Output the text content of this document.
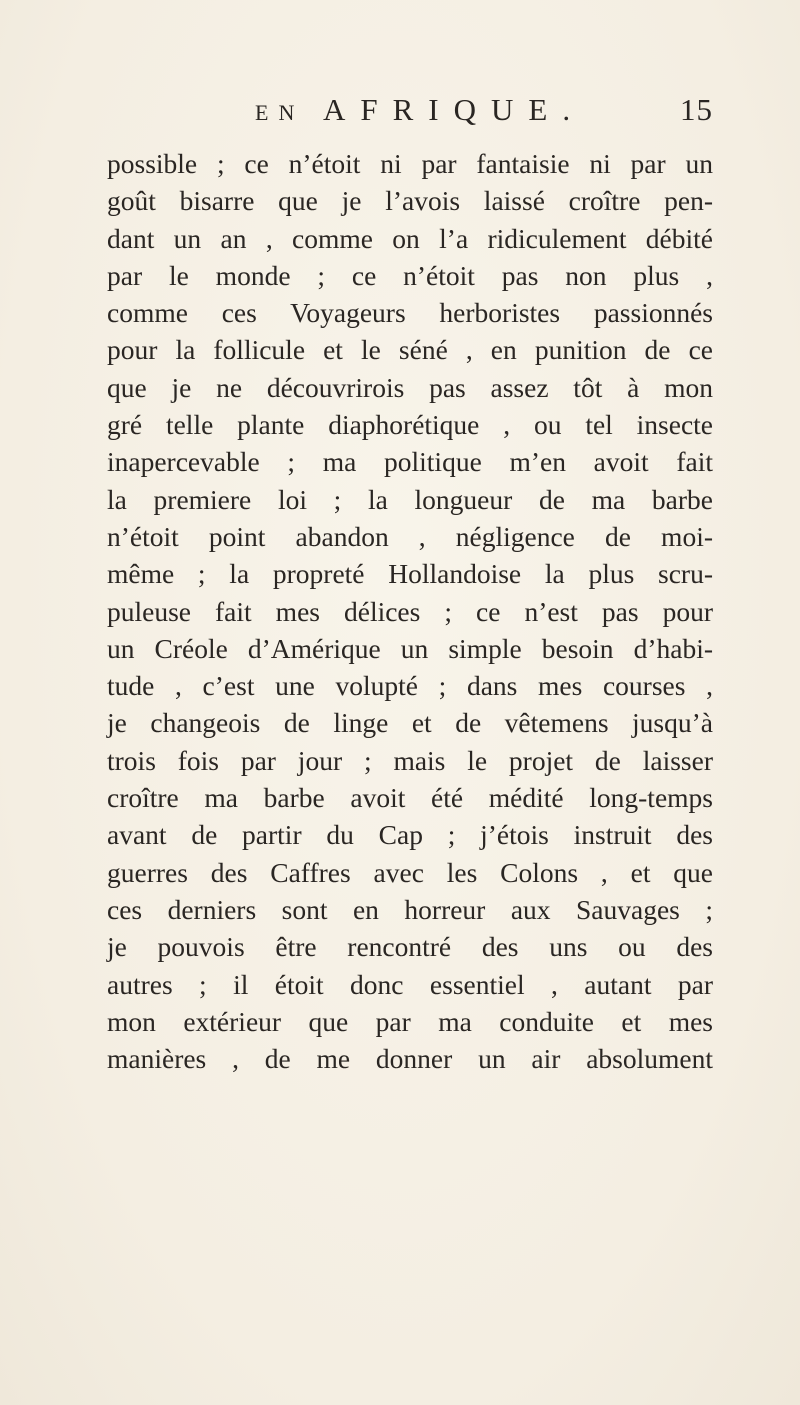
EN AFRIQUE.	15
possible ; ce n’étoit ni par fantaisie ni par un
goût bisarre que je l’avois laissé croître pen-
dant un an , comme on l’a ridiculement débité
par le monde ; ce n’étoit pas non plus ,
comme ces Voyageurs herboristes passionnés
pour la follicule et le séné , en punition de ce
que je ne découvrirois pas assez tôt à mon
gré telle plante diaphorétique , ou tel insecte
inapercevable ; ma politique m’en avoit fait
la premiere loi ; la longueur de ma barbe
n’étoit point abandon , négligence de moi-
même ; la propreté Hollandoise la plus scru-
puleuse fait mes délices ; ce n’est pas pour
un Créole d’Amérique un simple besoin d’habi-
tude , c’est une volupté ; dans mes courses ,
je changeois de linge et de vêtemens jusqu’à
trois fois par jour ; mais le projet de laisser
croître ma barbe avoit été médité long-temps
avant de partir du Cap ; j’étois instruit des
guerres des Caffres avec les Colons , et que
ces derniers sont en horreur aux Sauvages ;
je pouvois être rencontré des uns ou des
autres ; il étoit donc essentiel , autant par
mon extérieur que par ma conduite et mes
manières , de me donner un air absolument
